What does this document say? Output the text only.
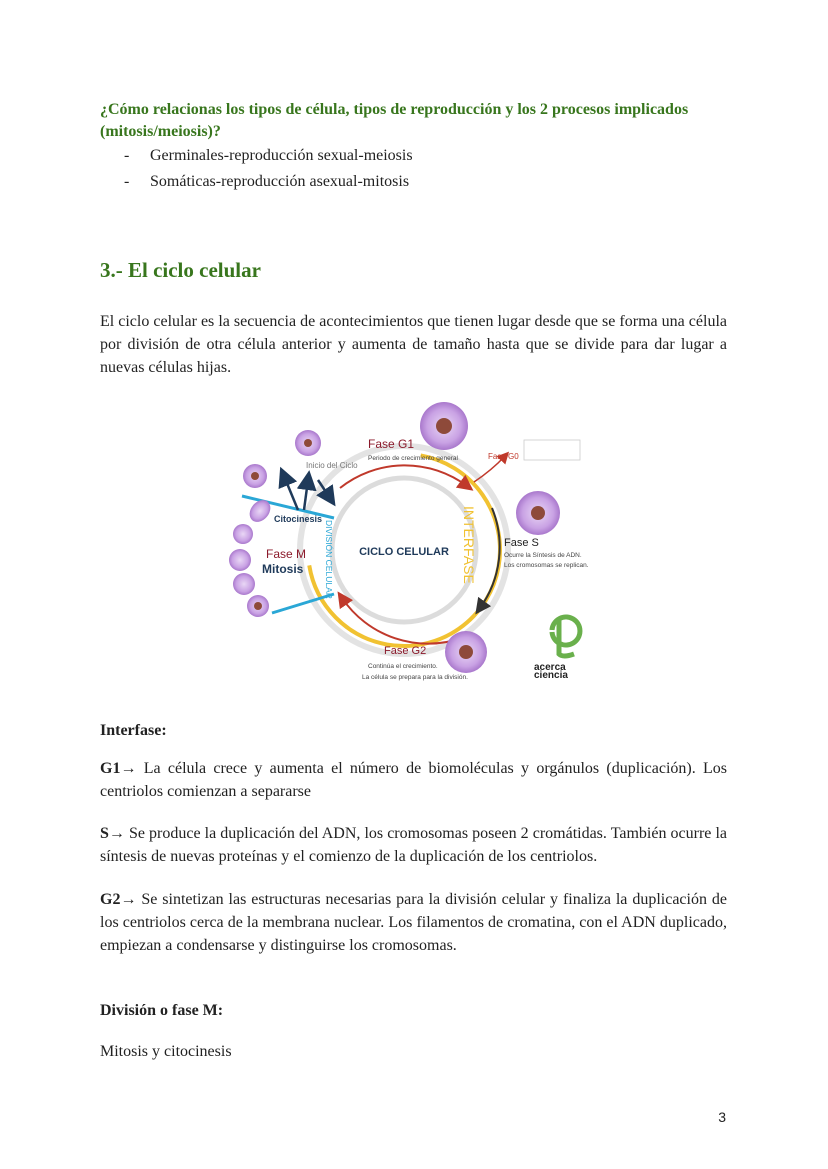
¿Cómo relacionas los tipos de célula, tipos de reproducción y los 2 procesos implicados (mitosis/meiosis)?
- Germinales-reproducción sexual-meiosis
- Somáticas-reproducción asexual-mitosis
3.- El ciclo celular

El ciclo celular es la secuencia de acontecimientos que tienen lugar desde que se forma una célula por división de otra célula anterior y aumenta de tamaño hasta que se divide para dar lugar a nuevas células hijas.

CICLO CELULAR INTERFASE
DIVISIÓN CELULAR
Fase G1
Periodo de crecimiento general	Fase G0
Fase S
Ocurre la Síntesis de ADN.
Los cromosomas se replican.
Fase G2
Continúa el crecimiento.
La célula se prepara para la división.
Fase M
Mitosis
Citocinesis
Inicio del Ciclo
acerca
ciencia

Interfase:

G1→ La célula crece y aumenta el número de biomoléculas y orgánulos (duplicación). Los centriolos comienzan a separarse

S→ Se produce la duplicación del ADN, los cromosomas poseen 2 cromátidas. También ocurre la síntesis de nuevas proteínas y el comienzo de la duplicación de los centriolos.

G2→ Se sintetizan las estructuras necesarias para la división celular y finaliza la duplicación de los centriolos cerca de la membrana nuclear. Los filamentos de cromatina, con el ADN duplicado, empiezan a condensarse y distinguirse los cromosomas.

División o fase M:

Mitosis y citocinesis

3
